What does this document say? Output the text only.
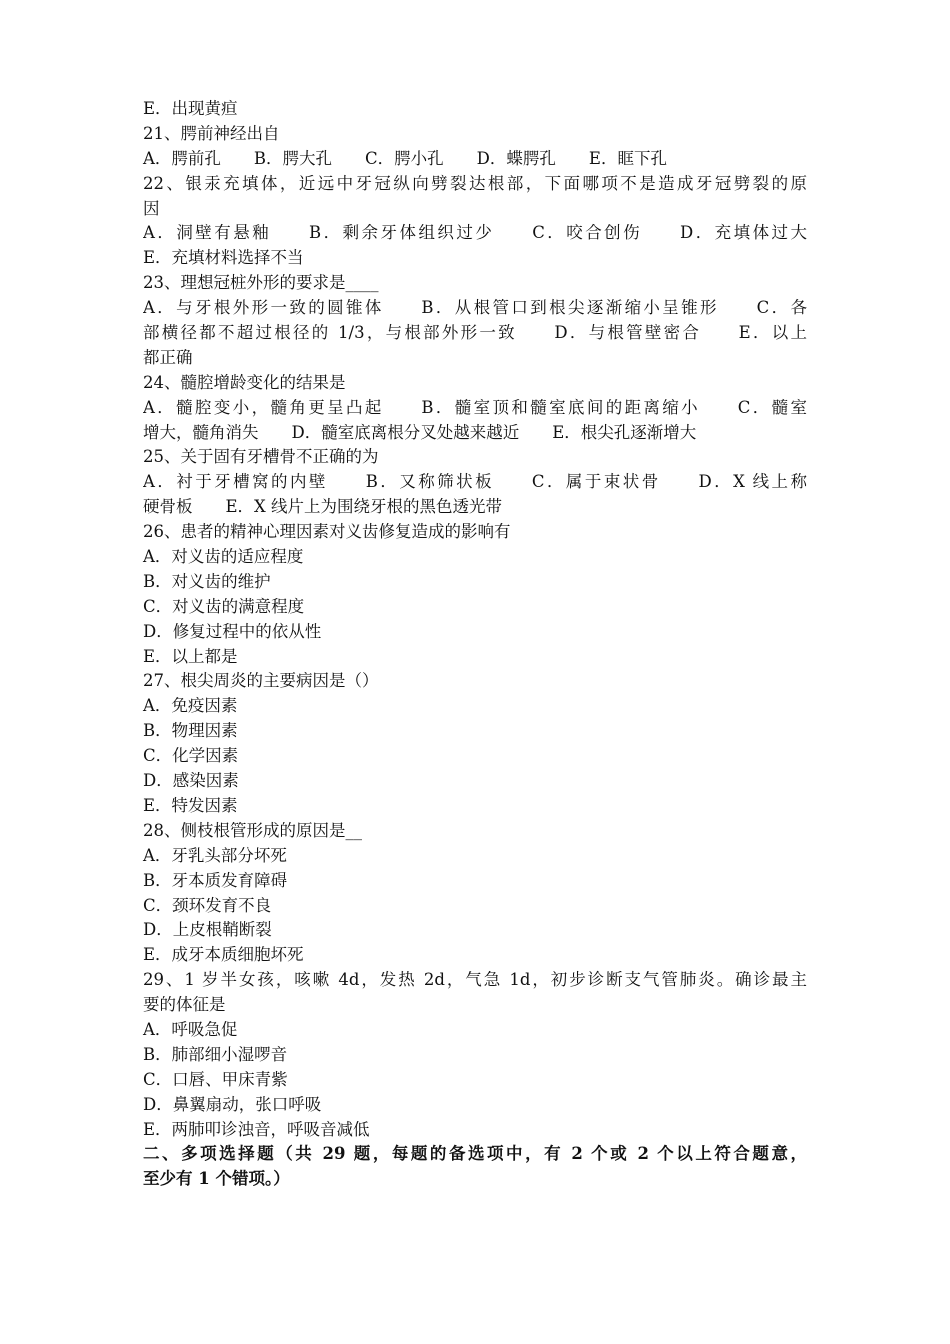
E．出现黄疸
21、腭前神经出自
A．腭前孔　　B．腭大孔　　C．腭小孔　　D．蝶腭孔　　E．眶下孔
22、银汞充填体，近远中牙冠纵向劈裂达根部，下面哪项不是造成牙冠劈裂的原
因
A．洞壁有悬釉　　B．剩余牙体组织过少　　C．咬合创伤　　D．充填体过大
E．充填材料选择不当
23、理想冠桩外形的要求是____
A．与牙根外形一致的圆锥体　　B．从根管口到根尖逐渐缩小呈锥形　　C．各
部横径都不超过根径的 1/3，与根部外形一致　　D．与根管壁密合　　E．以上
都正确
24、髓腔增龄变化的结果是
A．髓腔变小，髓角更呈凸起　　B．髓室顶和髓室底间的距离缩小　　C．髓室
增大，髓角消失　　D．髓室底离根分叉处越来越近　　E．根尖孔逐渐增大
25、关于固有牙槽骨不正确的为
A．衬于牙槽窝的内壁　　B．又称筛状板　　C．属于束状骨　　D．X 线上称
硬骨板　　E．X 线片上为围绕牙根的黑色透光带
26、患者的精神心理因素对义齿修复造成的影响有
A．对义齿的适应程度
B．对义齿的维护
C．对义齿的满意程度
D．修复过程中的依从性
E．以上都是
27、根尖周炎的主要病因是（）
A．免疫因素
B．物理因素
C．化学因素
D．感染因素
E．特发因素
28、侧枝根管形成的原因是__
A．牙乳头部分坏死
B．牙本质发育障碍
C．颈环发育不良
D．上皮根鞘断裂
E．成牙本质细胞坏死
29、1 岁半女孩，咳嗽 4d，发热 2d，气急 1d，初步诊断支气管肺炎。确诊最主
要的体征是
A．呼吸急促
B．肺部细小湿啰音
C．口唇、甲床青紫
D．鼻翼扇动，张口呼吸
E．两肺叩诊浊音，呼吸音减低
二、多项选择题（共 29 题，每题的备选项中，有 2 个或 2 个以上符合题意，
至少有 1 个错项。）
